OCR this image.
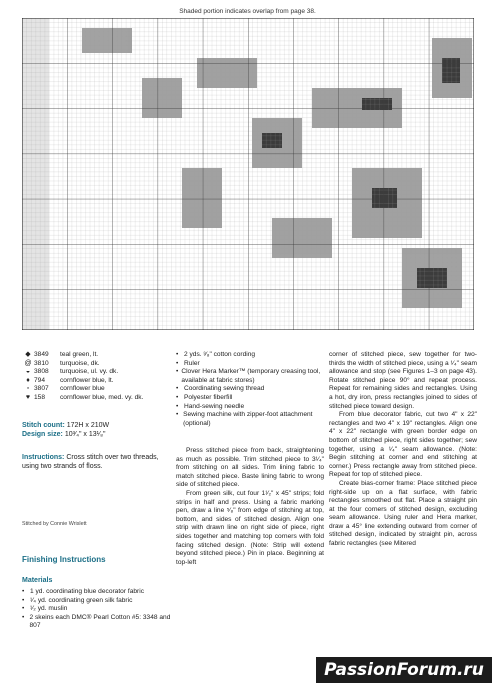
Shaded portion indicates overlap from page 38.
◆ 3849	teal green, lt.
@ 3810	turquoise, dk.
◒ 3808	turquoise, ul. vy. dk.
♦ 794	cornflower blue, lt.
▫ 3807	cornflower blue
♥ 158	cornflower blue, med. vy. dk.
Stitch count: 172H x 210W
Design size: 10³⁄₄" x 13¹⁄₈"
Instructions: Cross stitch over two threads, using two strands of floss.
Stitched by Connie Wrislett
Finishing Instructions
Materials
• 1 yd. coordinating blue decorator fabric
• ¹⁄₄ yd. coordinating green silk fabric
• ¹⁄₂ yd. muslin
• 2 skeins each DMC® Pearl Cotton #5: 3348 and 807
• 2 yds. ³⁄₈" cotton cording
• Ruler
• Clover Hera Marker™ (temporary creasing tool, available at fabric stores)
• Coordinating sewing thread
• Polyester fiberfill
• Hand-sewing needle
• Sewing machine with zipper-foot attachment (optional)

Press stitched piece from back, straightening as much as possible. Trim stitched piece to 3¹⁄₄" from stitching on all sides. Trim lining fabric to match stitched piece. Baste lining fabric to wrong side of stitched piece.

From green silk, cut four 1¹⁄₂" x 45" strips; fold strips in half and press. Using a fabric marking pen, draw a line ⁵⁄₈" from edge of stitching at top, bottom, and sides of stitched design. Align one strip with drawn line on right side of piece, right sides together and matching top corners with fold facing stitched design. (Note: Strip will extend beyond stitched piece.) Pin in place. Beginning at top-left

corner of stitched piece, sew together for two-thirds the width of stitched piece, using a ¹⁄₄" seam allowance and stop (see Figures 1–3 on page 43). Rotate stitched piece 90° and repeat process. Repeat for remaining sides and rectangles. Using a hot, dry iron, press rectangles joined to sides of stitched piece toward design.

From blue decorator fabric, cut two 4" x 22" rectangles and two 4" x 19" rectangles. Align one 4" x 22" rectangle with green border edge on bottom of stitched piece, right sides together; sew together, using a ¹⁄₄" seam allowance. (Note: Begin stitching at corner and end stitching at corner.) Press rectangle away from stitched piece. Repeat for top of stitched piece.

Create bias-corner frame: Place stitched piece right-side up on a flat surface, with fabric rectangles smoothed out flat. Place a straight pin at the four corners of stitched design, excluding seam allowance. Using ruler and Hera marker, draw a 45° line extending outward from corner of stitched design, indicated by straight pin, across fabric rectangles (see Mitered

PassionForum.ru
